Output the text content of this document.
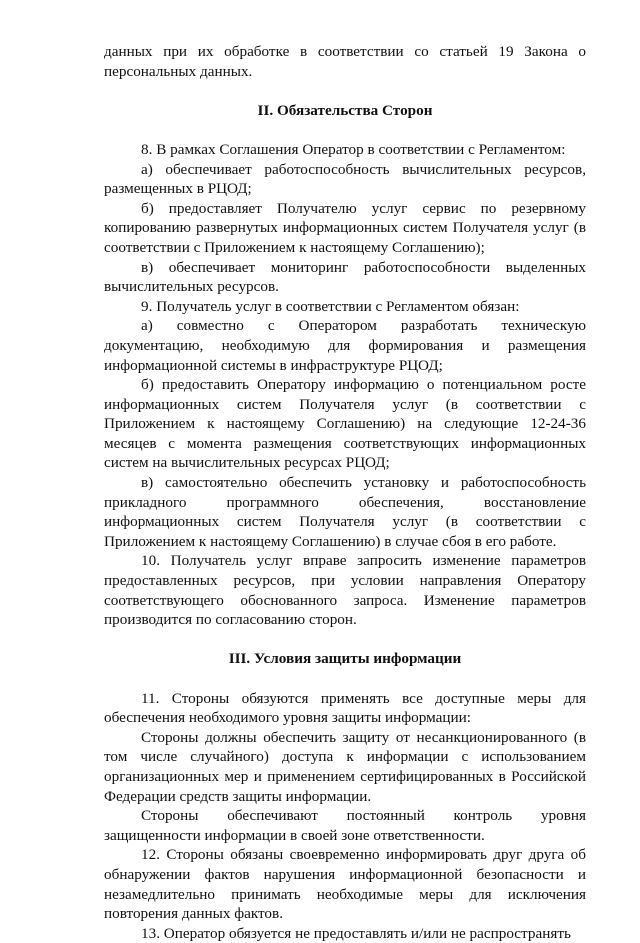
данных при их обработке в соответствии со статьей 19 Закона о персональных данных.

II. Обязательства Сторон

8. В рамках Соглашения Оператор в соответствии с Регламентом:

а) обеспечивает работоспособность вычислительных ресурсов, размещенных в РЦОД;

б) предоставляет Получателю услуг сервис по резервному копированию развернутых информационных систем Получателя услуг (в соответствии с Приложением к настоящему Соглашению);

в) обеспечивает мониторинг работоспособности выделенных вычислительных ресурсов.

9. Получатель услуг в соответствии с Регламентом обязан:

а) совместно с Оператором разработать техническую документацию, необходимую для формирования и размещения информационной системы в инфраструктуре РЦОД;

б) предоставить Оператору информацию о потенциальном росте информационных систем Получателя услуг (в соответствии с Приложением к настоящему Соглашению) на следующие 12-24-36 месяцев с момента размещения соответствующих информационных систем на вычислительных ресурсах РЦОД;

в) самостоятельно обеспечить установку и работоспособность прикладного программного обеспечения, восстановление информационных систем Получателя услуг (в соответствии с Приложением к настоящему Соглашению) в случае сбоя в его работе.

10. Получатель услуг вправе запросить изменение параметров предоставленных ресурсов, при условии направления Оператору соответствующего обоснованного запроса. Изменение параметров производится по согласованию сторон.

III. Условия защиты информации

11. Стороны обязуются применять все доступные меры для обеспечения необходимого уровня защиты информации:

Стороны должны обеспечить защиту от несанкционированного (в том числе случайного) доступа к информации с использованием организационных мер и применением сертифицированных в Российской Федерации средств защиты информации.

Стороны обеспечивают постоянный контроль уровня защищенности информации в своей зоне ответственности.

12. Стороны обязаны своевременно информировать друг друга об обнаружении фактов нарушения информационной безопасности и незамедлительно принимать необходимые меры для исключения повторения данных фактов.

13. Оператор обязуется не предоставлять и/или не распространять
